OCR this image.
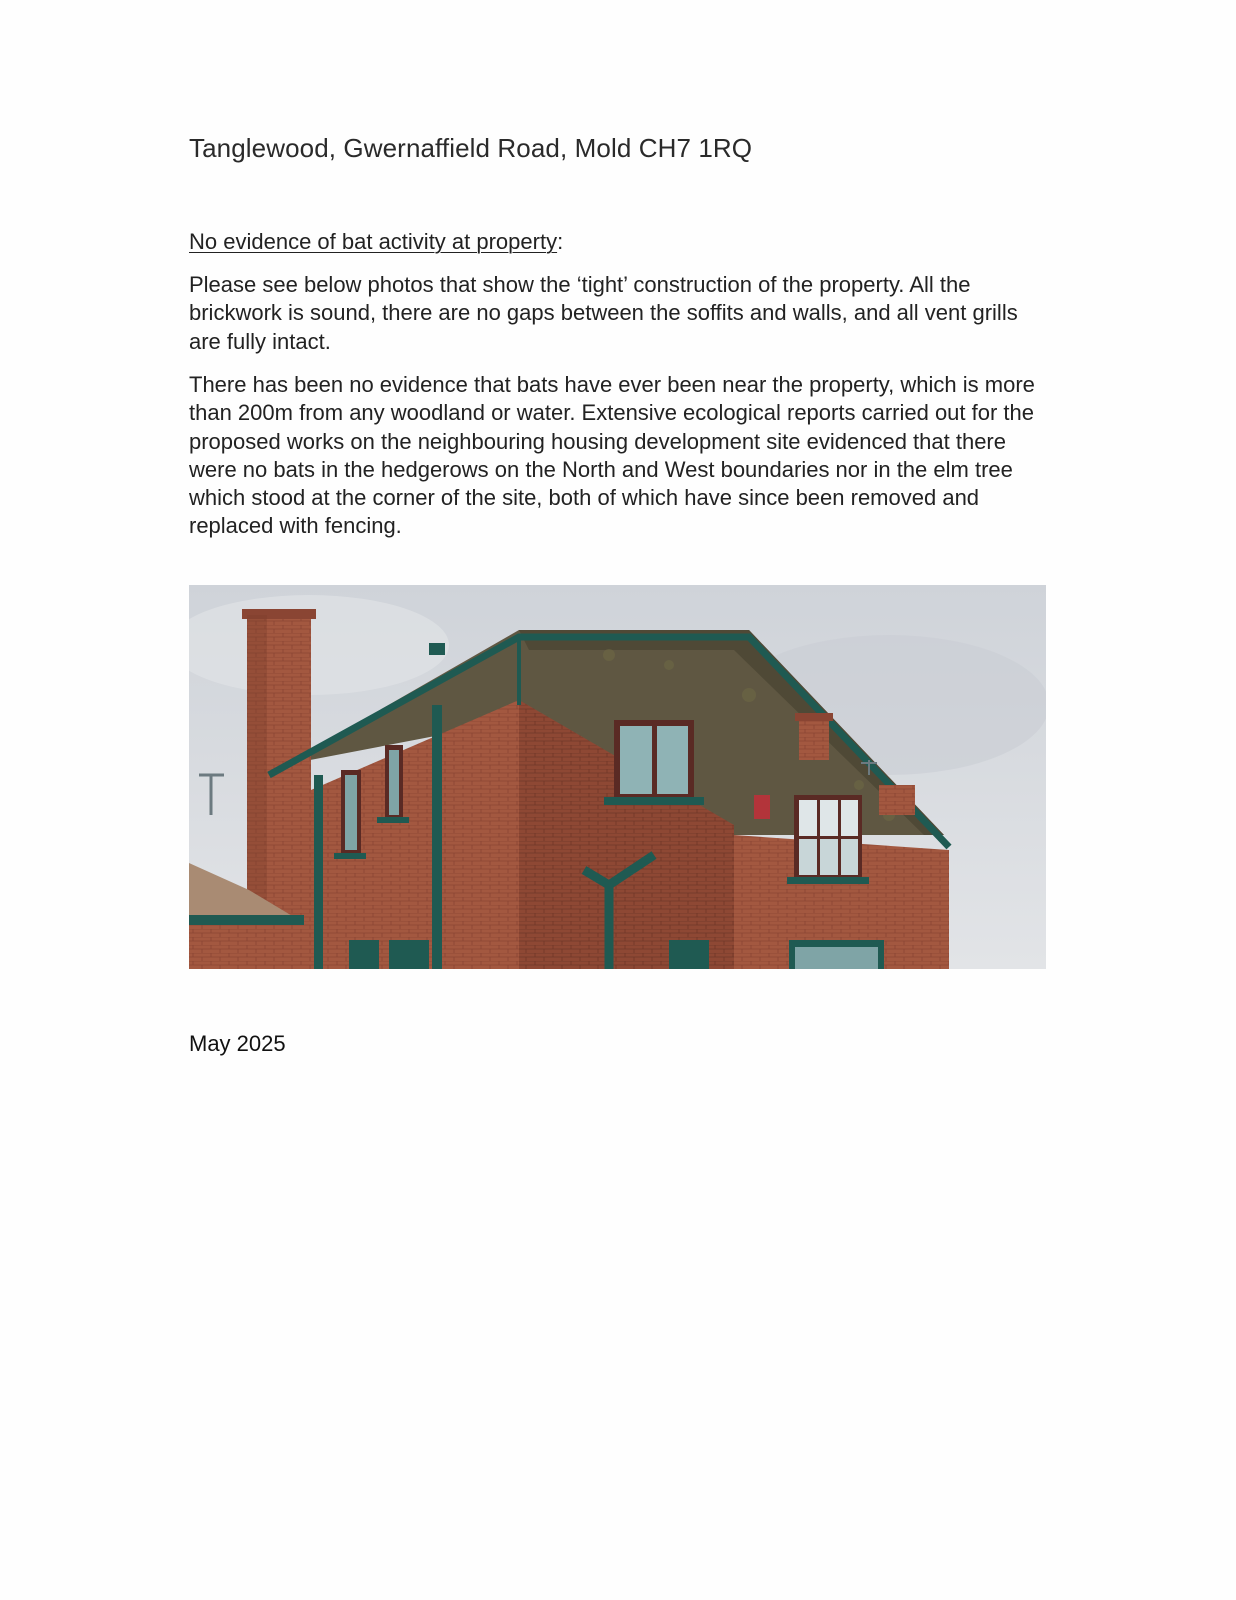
Tanglewood, Gwernaffield Road, Mold CH7 1RQ

No evidence of bat activity at property:

Please see below photos that show the ‘tight’ construction of the property. All the brickwork is sound, there are no gaps between the soffits and walls, and all vent grills are fully intact.

There has been no evidence that bats have ever been near the property, which is more than 200m from any woodland or water. Extensive ecological reports carried out for the proposed works on the neighbouring housing development site evidenced that there were no bats in the hedgerows on the North and West boundaries nor in the elm tree which stood at the corner of the site, both of which have since been removed and replaced with fencing.

May 2025
